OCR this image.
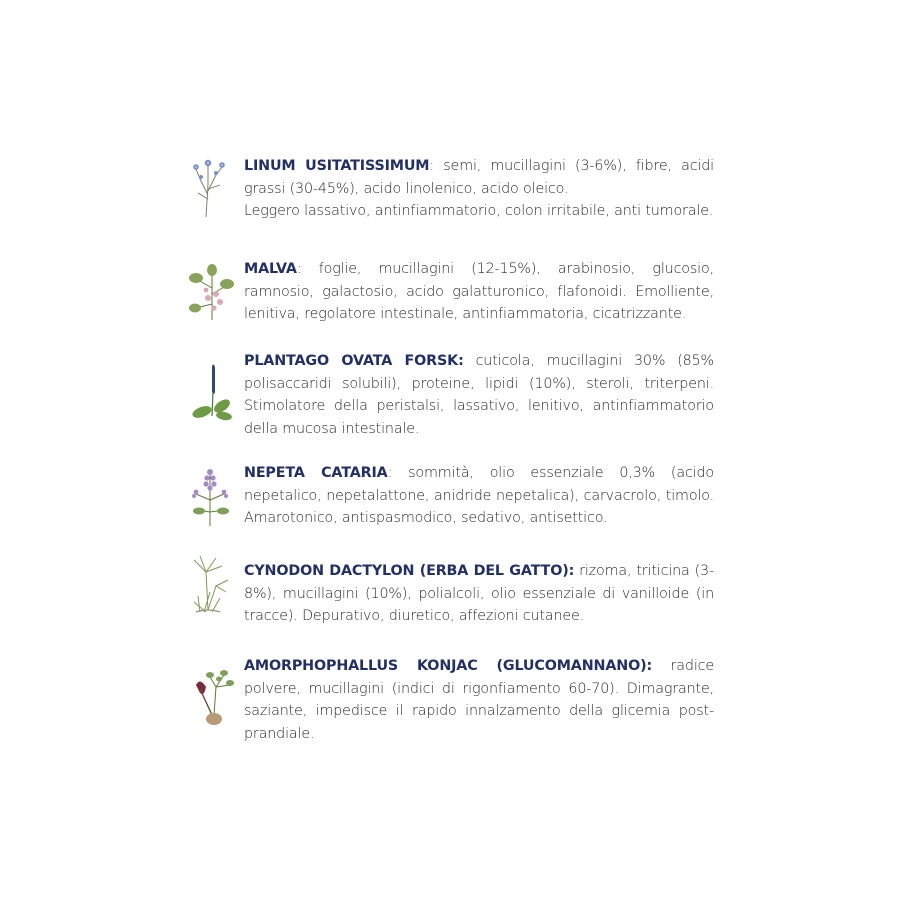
LINUM USITATISSIMUM: semi, mucillagini (3-6%), fibre, acidi grassi (30-45%), acido linolenico, acido oleico.
Leggero lassativo, antinfiammatorio, colon irritabile, anti tumorale.
MALVA: foglie, mucillagini (12-15%), arabinosio, glucosio, ramnosio, galactosio, acido galatturonico, flafonoidi. Emolliente, lenitiva, regolatore intestinale, antinfiammatoria, cicatrizzante.
PLANTAGO OVATA FORSK: cuticola, mucillagini 30% (85% polisaccaridi solubili), proteine, lipidi (10%), steroli, triterpeni. Stimolatore della peristalsi, lassativo, lenitivo, antinfiammatorio della mucosa intestinale.
NEPETA CATARIA: sommità, olio essenziale 0,3% (acido nepetalico, nepetalattone, anidride nepetalica), carvacrolo, timolo. Amarotonico, antispasmodico, sedativo, antisettico.
CYNODON DACTYLON (ERBA DEL GATTO): rizoma, triticina (3-8%), mucillagini (10%), polialcoli, olio essenziale di vanilloide (in tracce). Depurativo, diuretico, affezioni cutanee.
AMORPHOPHALLUS KONJAC (GLUCOMANNANO): radice polvere, mucillagini (indici di rigonfiamento 60-70). Dimagrante, saziante, impedisce il rapido innalzamento della glicemia post-prandiale.
